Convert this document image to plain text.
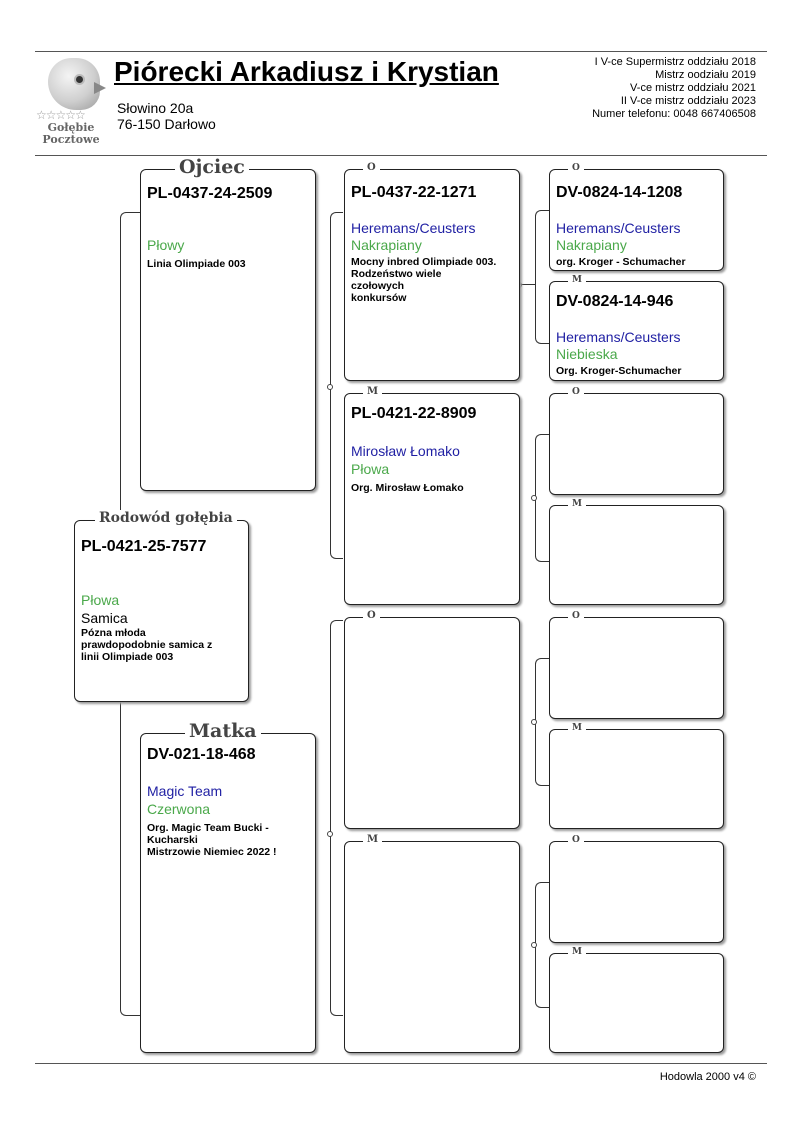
☆☆☆☆☆
Gołębie
Pocztowe
Piórecki Arkadiusz i Krystian
Słowino 20a
76-150 Darłowo
I V-ce Supermistrz oddziału 2018
Mistrz oodziału 2019
V-ce mistrz oddziału 2021
II V-ce mistrz oddziału 2023
Numer telefonu: 0048 667406508
Ojciec
PL-0437-24-2509
Płowy
Linia Olimpiade 003
Rodowód gołębia
PL-0421-25-7577
Płowa
Samica
Pózna młoda
prawdopodobnie samica z
linii Olimpiade 003
Matka
DV-021-18-468
Magic Team
Czerwona
Org. Magic Team Bucki -
Kucharski
Mistrzowie Niemiec 2022 !
O
PL-0437-22-1271
Heremans/Ceusters
Nakrapiany
Mocny inbred Olimpiade 003.
Rodzeństwo wiele
czołowych
konkursów
M
PL-0421-22-8909
Mirosław Łomako
Płowa
Org. Mirosław Łomako
O
M
O
DV-0824-14-1208
Heremans/Ceusters
Nakrapiany
org. Kroger - Schumacher
M
DV-0824-14-946
Heremans/Ceusters
Niebieska
Org. Kroger-Schumacher
O
M
O
M
O
M
Hodowla 2000 v4 ©
